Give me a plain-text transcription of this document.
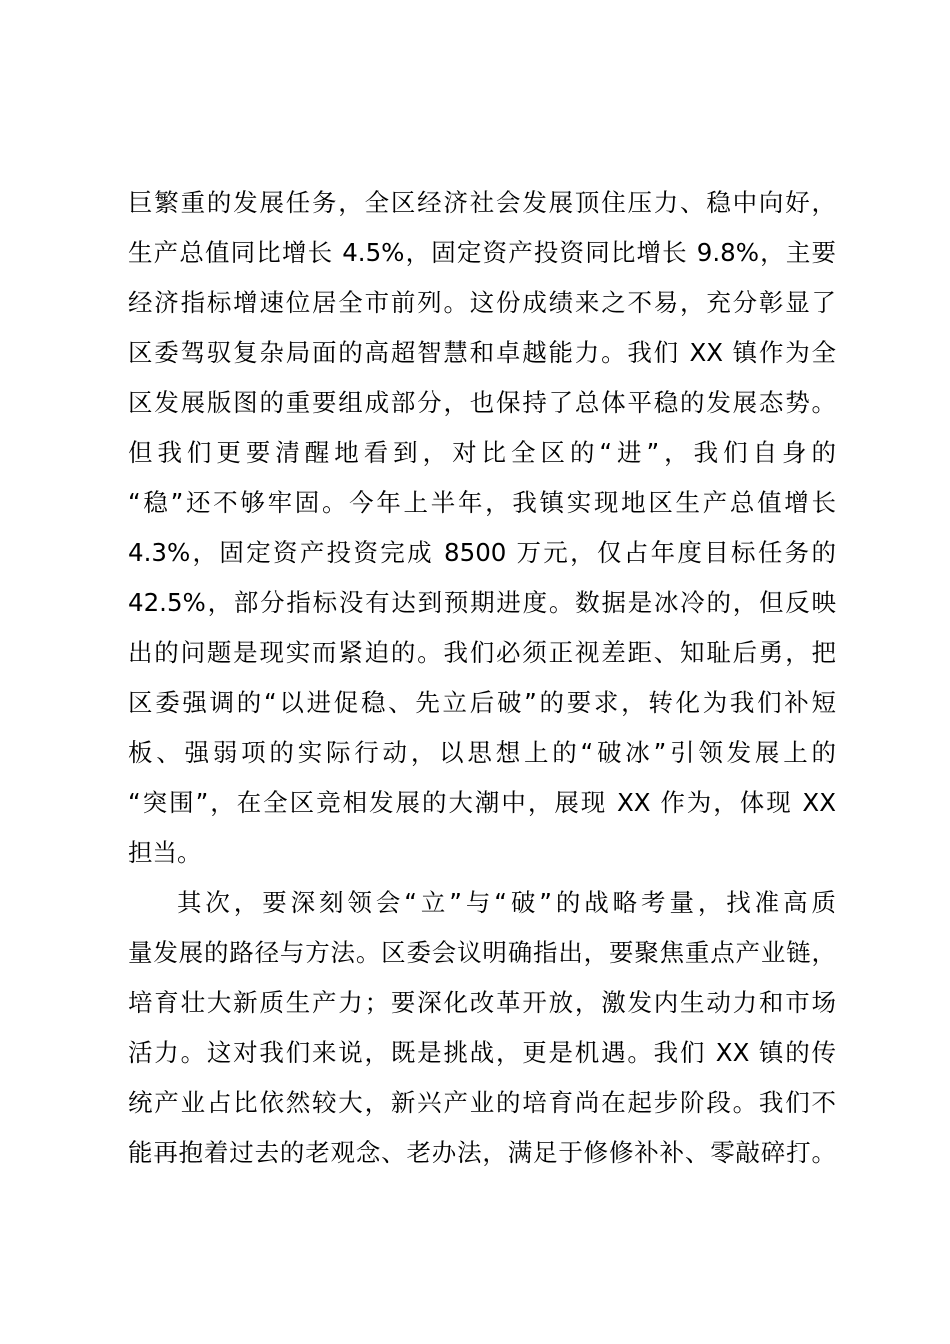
巨繁重的发展任务，全区经济社会发展顶住压力、稳中向好，
生产总值同比增长 4.5%，固定资产投资同比增长 9.8%，主要
经济指标增速位居全市前列。这份成绩来之不易，充分彰显了
区委驾驭复杂局面的高超智慧和卓越能力。我们 XX 镇作为全
区发展版图的重要组成部分，也保持了总体平稳的发展态势。
但我们更要清醒地看到，对比全区的“进”，我们自身的
“稳”还不够牢固。今年上半年，我镇实现地区生产总值增长
4.3%，固定资产投资完成 8500 万元，仅占年度目标任务的
42.5%，部分指标没有达到预期进度。数据是冰冷的，但反映
出的问题是现实而紧迫的。我们必须正视差距、知耻后勇，把
区委强调的“以进促稳、先立后破”的要求，转化为我们补短
板、强弱项的实际行动，以思想上的“破冰”引领发展上的
“突围”，在全区竞相发展的大潮中，展现 XX 作为，体现 XX
担当。
其次，要深刻领会“立”与“破”的战略考量，找准高质
量发展的路径与方法。区委会议明确指出，要聚焦重点产业链，
培育壮大新质生产力；要深化改革开放，激发内生动力和市场
活力。这对我们来说，既是挑战，更是机遇。我们 XX 镇的传
统产业占比依然较大，新兴产业的培育尚在起步阶段。我们不
能再抱着过去的老观念、老办法，满足于修修补补、零敲碎打。
